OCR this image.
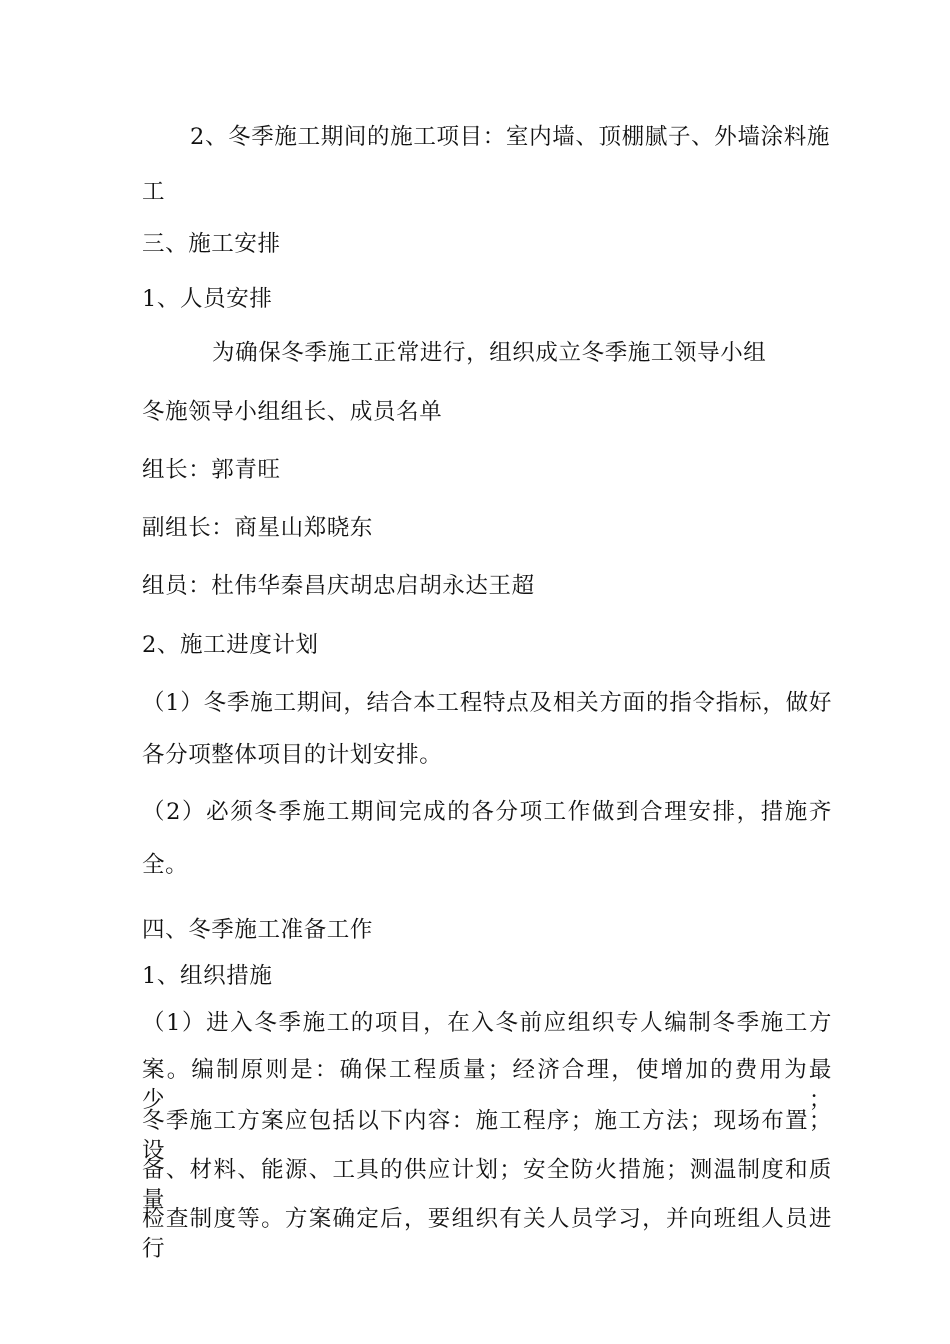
2、冬季施工期间的施工项目：室内墙、顶棚腻子、外墙涂料施
工
三、施工安排
1、人员安排
为确保冬季施工正常进行，组织成立冬季施工领导小组
冬施领导小组组长、成员名单
组长：郭青旺
副组长：商星山郑晓东
组员：杜伟华秦昌庆胡忠启胡永达王超
2、施工进度计划
（1）冬季施工期间，结合本工程特点及相关方面的指令指标，做好
各分项整体项目的计划安排。
（2）必须冬季施工期间完成的各分项工作做到合理安排，措施齐
全。
四、冬季施工准备工作
1、组织措施
（1）进入冬季施工的项目，在入冬前应组织专人编制冬季施工方
案。编制原则是：确保工程质量；经济合理，使增加的费用为最少；
冬季施工方案应包括以下内容：施工程序；施工方法；现场布置；设
备、材料、能源、工具的供应计划；安全防火措施；测温制度和质量
检查制度等。方案确定后，要组织有关人员学习，并向班组人员进行
